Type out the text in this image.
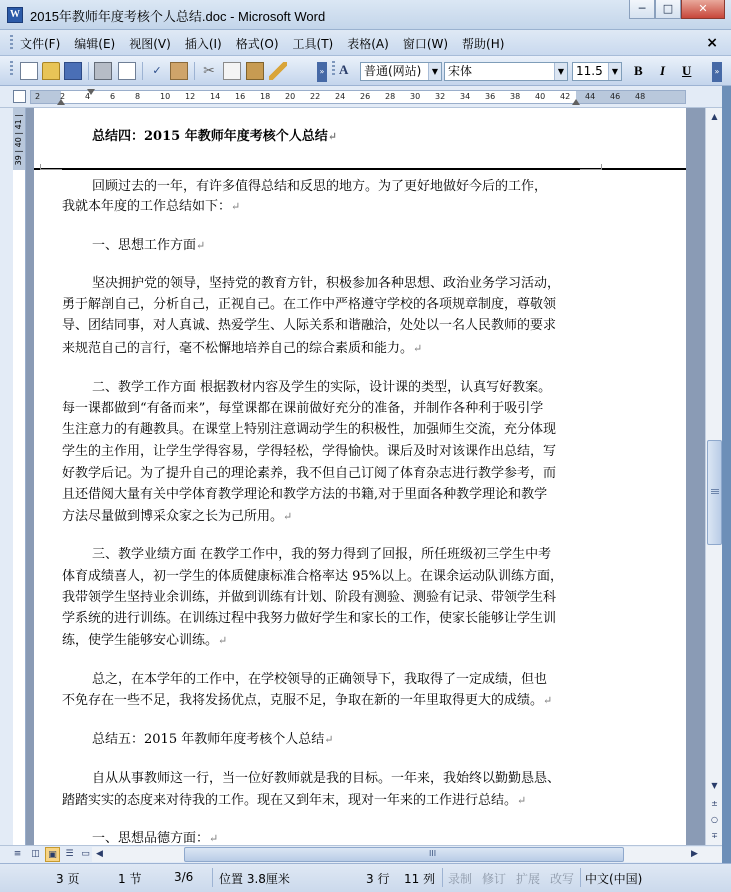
W 2015年教师年度考核个人总结.doc - Microsoft Word
─	□	✕
文件(F) 编辑(E) 视图(V) 插入(I) 格式(O) 工具(T) 表格(A) 窗口(W) 帮助(H)	×
✓	✂	» A	普通(网站)	▼ 宋体	▼ 11.5	▼ B I U	»
2 2 4 6 8 10 12 14 16 18 20 22 24 26 28 30 32 34 36 38 40 42 44 46 48
39 | 40 | 41 |	总结四：2015 年教师年度考核个人总结↵
回顾过去的一年，有许多值得总结和反思的地方。为了更好地做好今后的工作，
我就本年度的工作总结如下：↵
一、思想工作方面↵
坚决拥护党的领导，坚持党的教育方针，积极参加各种思想、政治业务学习活动，
勇于解剖自己，分析自己，正视自己。在工作中严格遵守学校的各项规章制度，尊敬领
导、团结同事，对人真诚、热爱学生、人际关系和谐融洽，处处以一名人民教师的要求
来规范自己的言行，毫不松懈地培养自己的综合素质和能力。↵
二、教学工作方面 根据教材内容及学生的实际，设计课的类型，认真写好教案。
每一课都做到“有备而来”，每堂课都在课前做好充分的准备，并制作各种利于吸引学
生注意力的有趣教具。在课堂上特别注意调动学生的积极性，加强师生交流，充分体现
学生的主作用，让学生学得容易，学得轻松，学得愉快。课后及时对该课作出总结，写
好教学后记。为了提升自己的理论素养，我不但自己订阅了体育杂志进行教学参考，而
且还借阅大量有关中学体育教学理论和教学方法的书籍,对于里面各种教学理论和教学
方法尽量做到博采众家之长为己所用。↵
三、教学业绩方面 在教学工作中，我的努力得到了回报，所任班级初三学生中考
体育成绩喜人，初一学生的体质健康标准合格率达 95%以上。在课余运动队训练方面，
我带领学生坚持业余训练，并做到训练有计划、阶段有测验、测验有记录、带领学生科
学系统的进行训练。在训练过程中我努力做好学生和家长的工作，使家长能够让学生训
练，使学生能够安心训练。↵
总之，在本学年的工作中，在学校领导的正确领导下，我取得了一定成绩，但也
不免存在一些不足，我将发扬优点，克服不足，争取在新的一年里取得更大的成绩。↵
总结五：2015 年教师年度考核个人总结↵
自从从事教师这一行，当一位好教师就是我的目标。一年来，我始终以勤勤恳恳、
踏踏实实的态度来对待我的工作。现在又到年末，现对一年来的工作进行总结。↵
一、思想品德方面：↵
▲
▼
±
○
∓
≡	◫ ▣ ☰ ▭ ◀	III	▶
3 页	1 节	3/6 位置 3.8厘米	3 行 11 列 录制 修订 扩展 改写 中文(中国)
